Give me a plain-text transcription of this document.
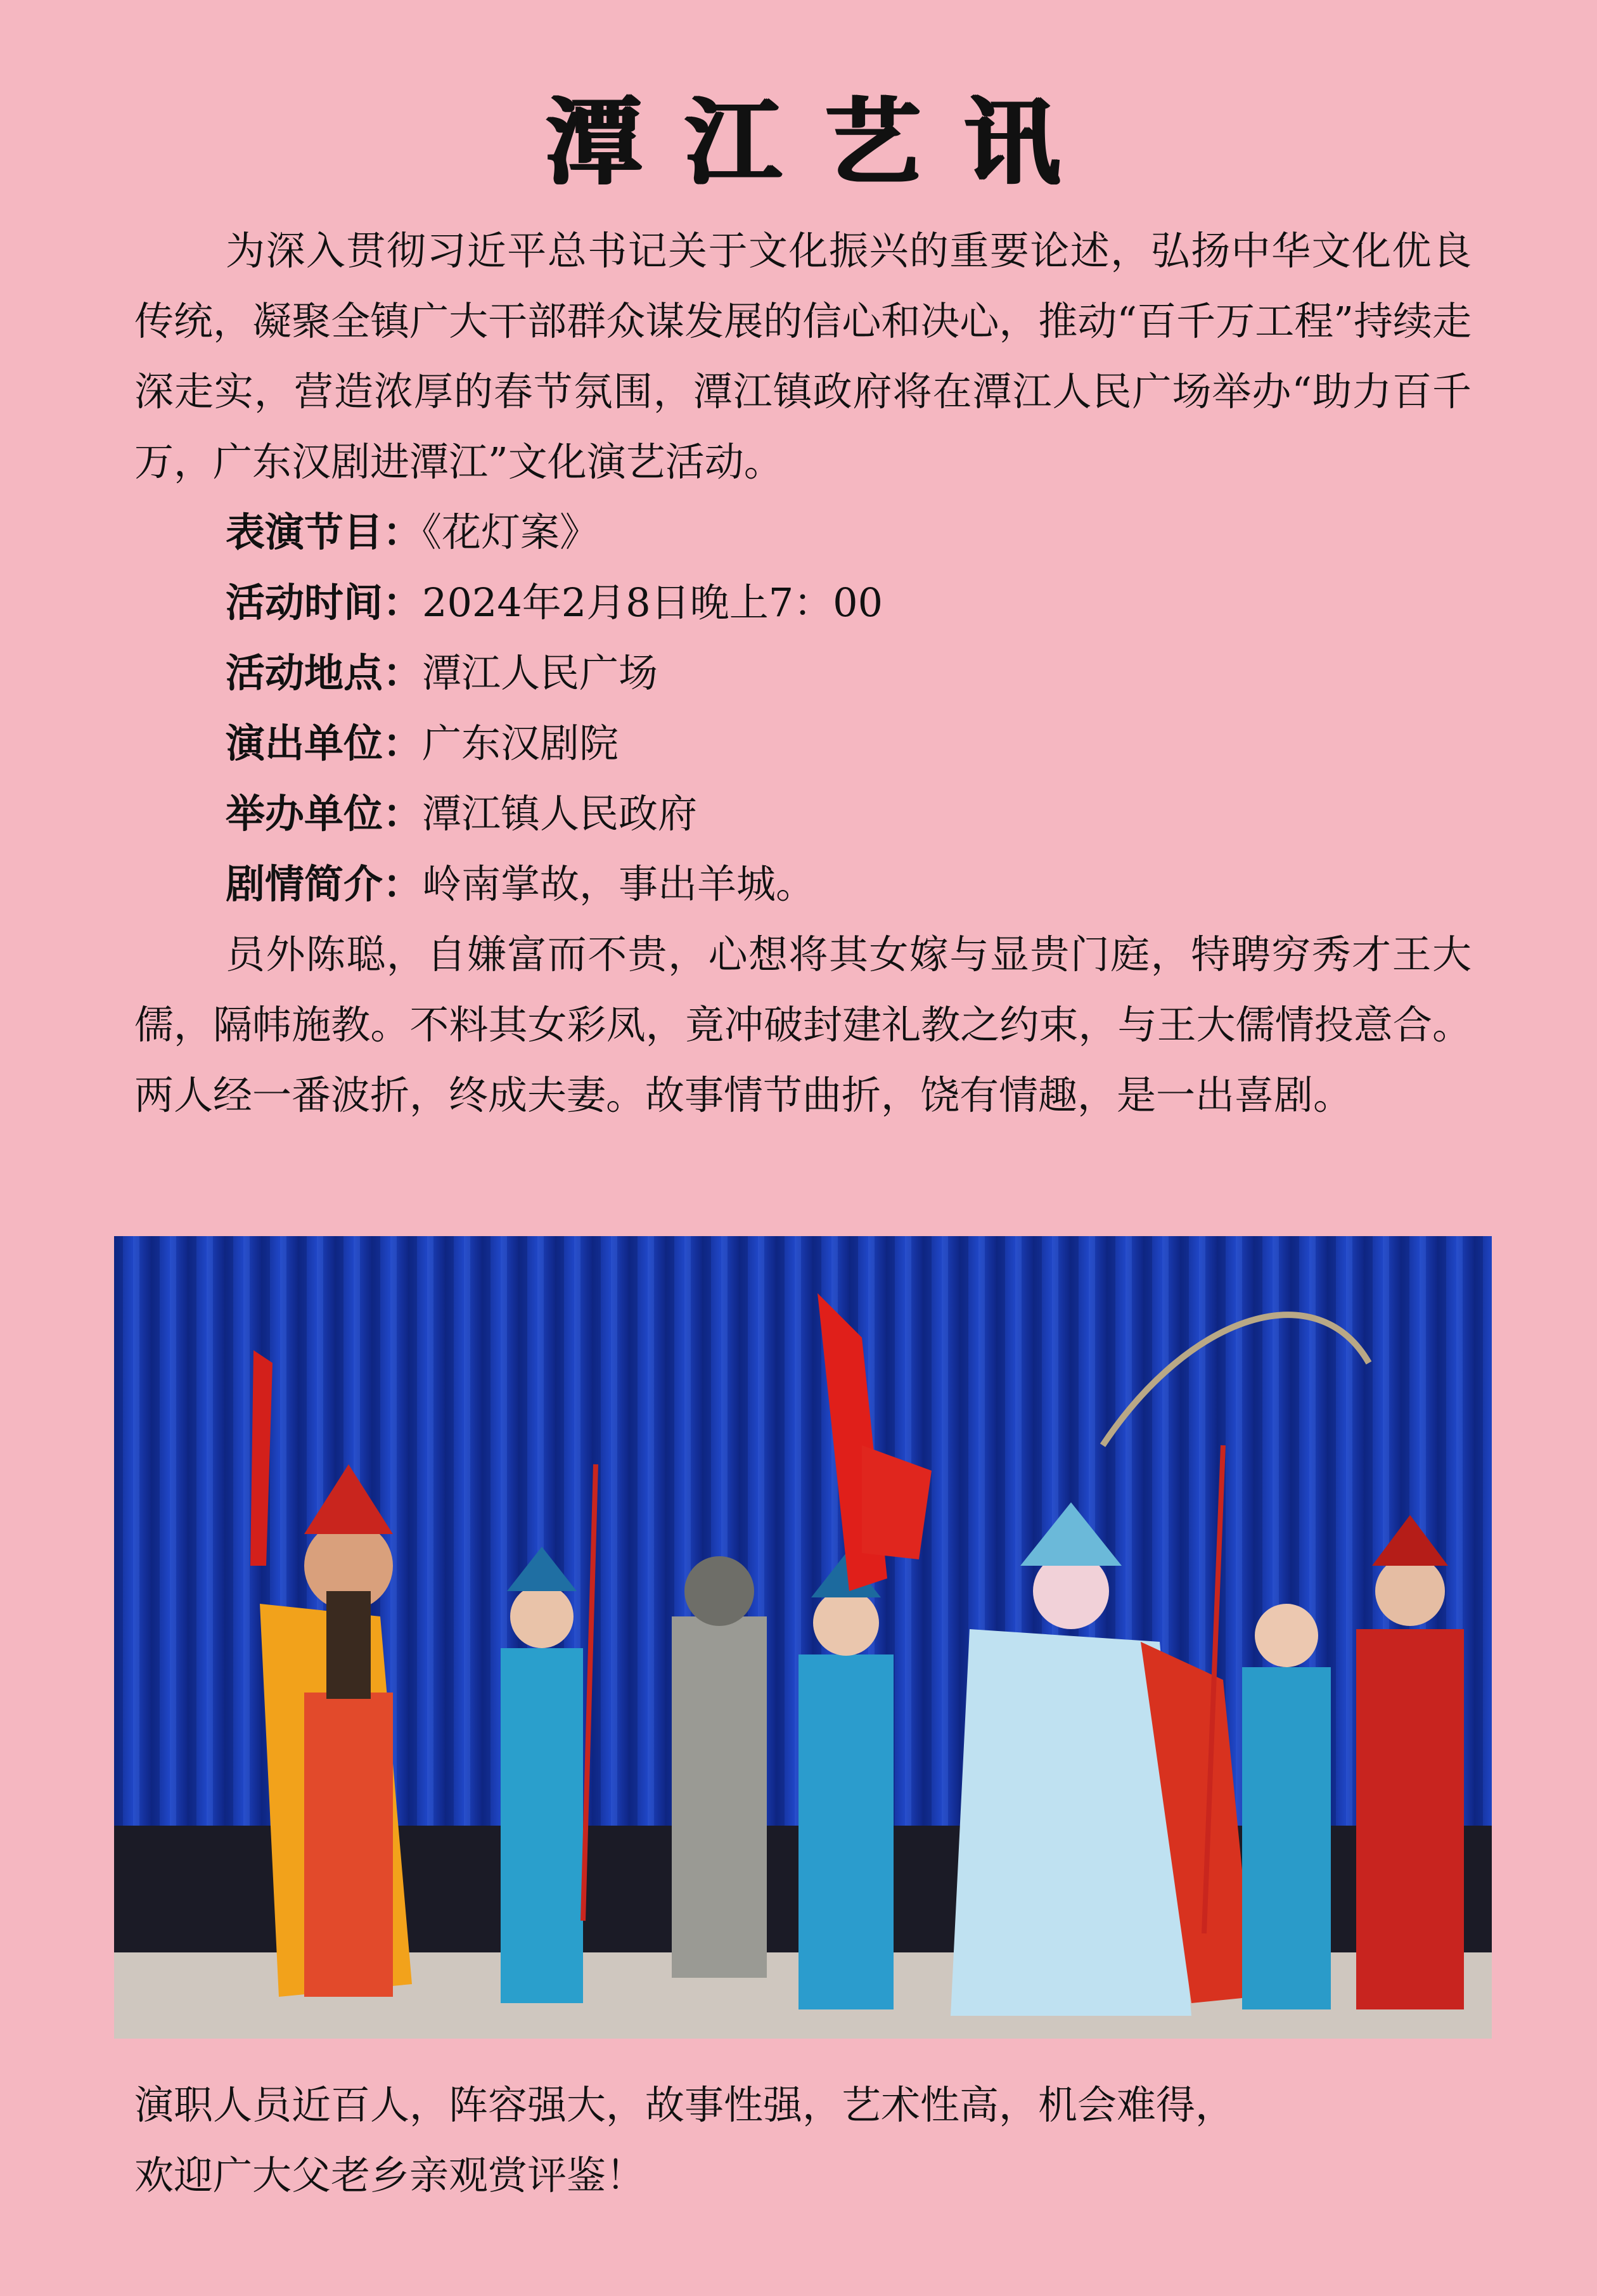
潭江艺讯

为深入贯彻习近平总书记关于文化振兴的重要论述，弘扬中华文化优良传统，凝聚全镇广大干部群众谋发展的信心和决心，推动“百千万工程”持续走深走实，营造浓厚的春节氛围，潭江镇政府将在潭江人民广场举办“助力百千万，广东汉剧进潭江”文化演艺活动。

表演节目：《花灯案》
活动时间：2024年2月8日晚上7：00
活动地点：潭江人民广场
演出单位：广东汉剧院
举办单位：潭江镇人民政府
剧情简介：岭南掌故，事出羊城。

员外陈聪，自嫌富而不贵，心想将其女嫁与显贵门庭，特聘穷秀才王大儒，隔帏施教。不料其女彩凤，竟冲破封建礼教之约束，与王大儒情投意合。两人经一番波折，终成夫妻。故事情节曲折，饶有情趣，是一出喜剧。

演职人员近百人，阵容强大，故事性强，艺术性高，机会难得，
欢迎广大父老乡亲观赏评鉴！
